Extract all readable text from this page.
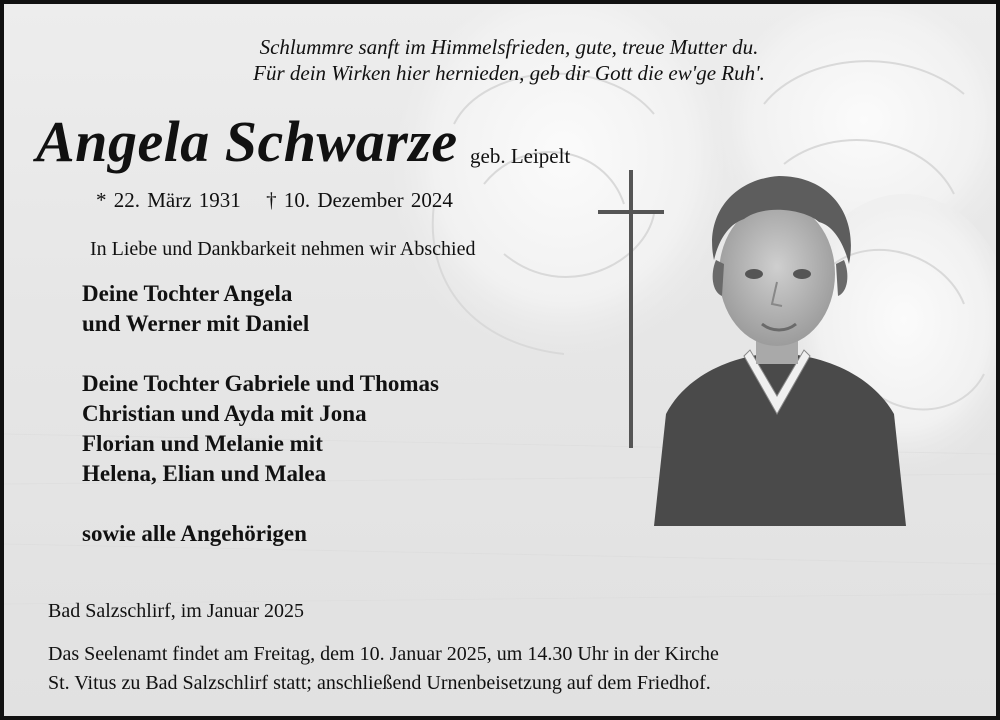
Schlummre sanft im Himmelsfrieden, gute, treue Mutter du.
Für dein Wirken hier hernieden, geb dir Gott die ew'ge Ruh'.
Angela Schwarze geb. Leipelt
* 22. März 1931 † 10. Dezember 2024
In Liebe und Dankbarkeit nehmen wir Abschied
Deine Tochter Angela
und Werner mit Daniel
Deine Tochter Gabriele und Thomas
Christian und Ayda mit Jona
Florian und Melanie mit
Helena, Elian und Malea
sowie alle Angehörigen
Bad Salzschlirf, im Januar 2025
Das Seelenamt findet am Freitag, dem 10. Januar 2025, um 14.30 Uhr in der Kirche
St. Vitus zu Bad Salzschlirf statt; anschließend Urnenbeisetzung auf dem Friedhof.
